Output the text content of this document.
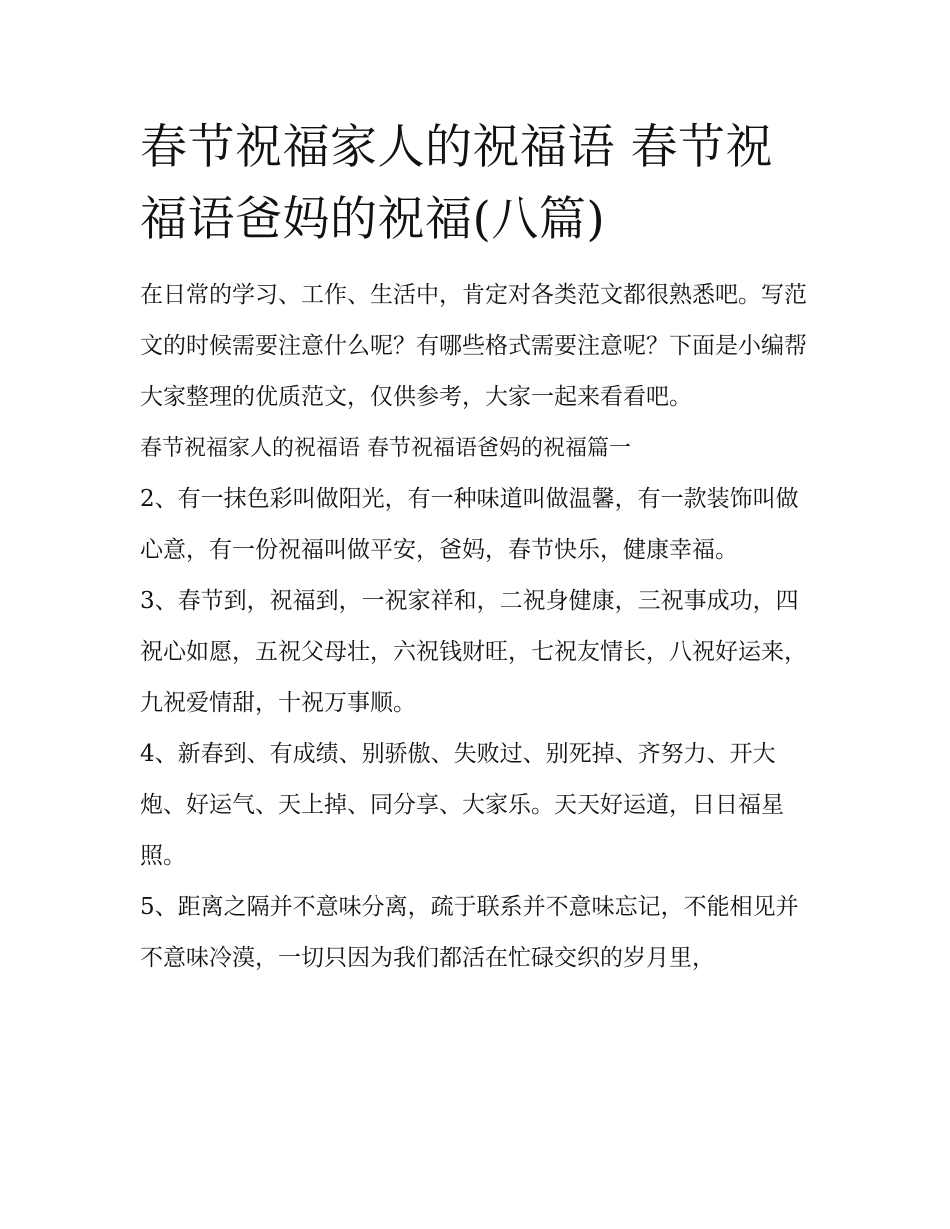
春节祝福家人的祝福语 春节祝福语爸妈的祝福(八篇)

在日常的学习、工作、生活中，肯定对各类范文都很熟悉吧。写范文的时候需要注意什么呢？有哪些格式需要注意呢？下面是小编帮大家整理的优质范文，仅供参考，大家一起来看看吧。

春节祝福家人的祝福语 春节祝福语爸妈的祝福篇一

2、有一抹色彩叫做阳光，有一种味道叫做温馨，有一款装饰叫做心意，有一份祝福叫做平安，爸妈，春节快乐，健康幸福。

3、春节到，祝福到，一祝家祥和，二祝身健康，三祝事成功，四祝心如愿，五祝父母壮，六祝钱财旺，七祝友情长，八祝好运来，九祝爱情甜，十祝万事顺。

4、新春到、有成绩、别骄傲、失败过、别死掉、齐努力、开大炮、好运气、天上掉、同分享、大家乐。天天好运道，日日福星照。

5、距离之隔并不意味分离，疏于联系并不意味忘记，不能相见并不意味冷漠，一切只因为我们都活在忙碌交织的岁月里，
